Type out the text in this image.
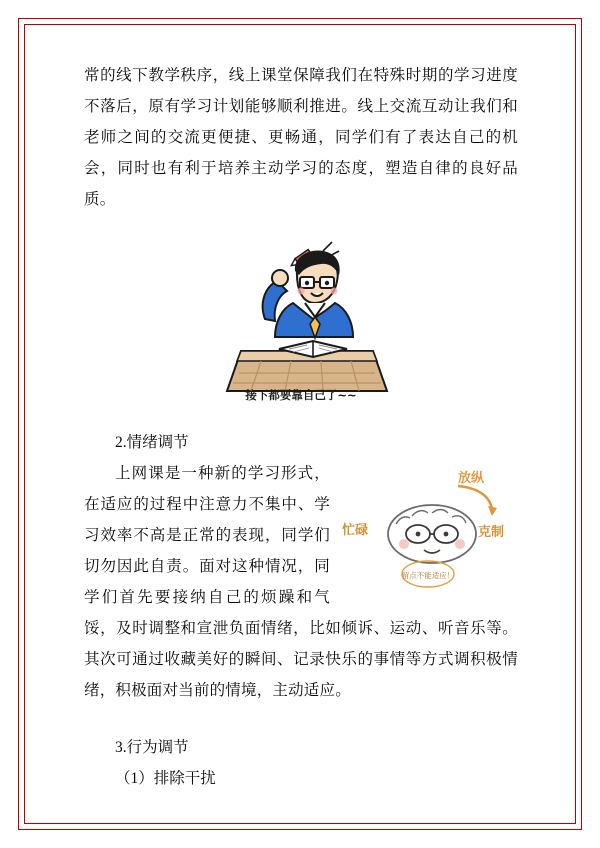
常的线下教学秩序，线上课堂保障我们在特殊时期的学习进度不落后，原有学习计划能够顺利推进。线上交流互动让我们和老师之间的交流更便捷、更畅通，同学们有了表达自己的机会，同时也有利于培养主动学习的态度，塑造自律的良好品质。

接下都要靠自己了~~

2.情绪调节

放纵
忙碌	克制
留点不能适应！

上网课是一种新的学习形式，在适应的过程中注意力不集中、学习效率不高是正常的表现，同学们切勿因此自责。面对这种情况，同学们首先要接纳自己的烦躁和气馁，及时调整和宣泄负面情绪，比如倾诉、运动、听音乐等。其次可通过收藏美好的瞬间、记录快乐的事情等方式调积极情绪，积极面对当前的情境，主动适应。

3.行为调节

（1）排除干扰
